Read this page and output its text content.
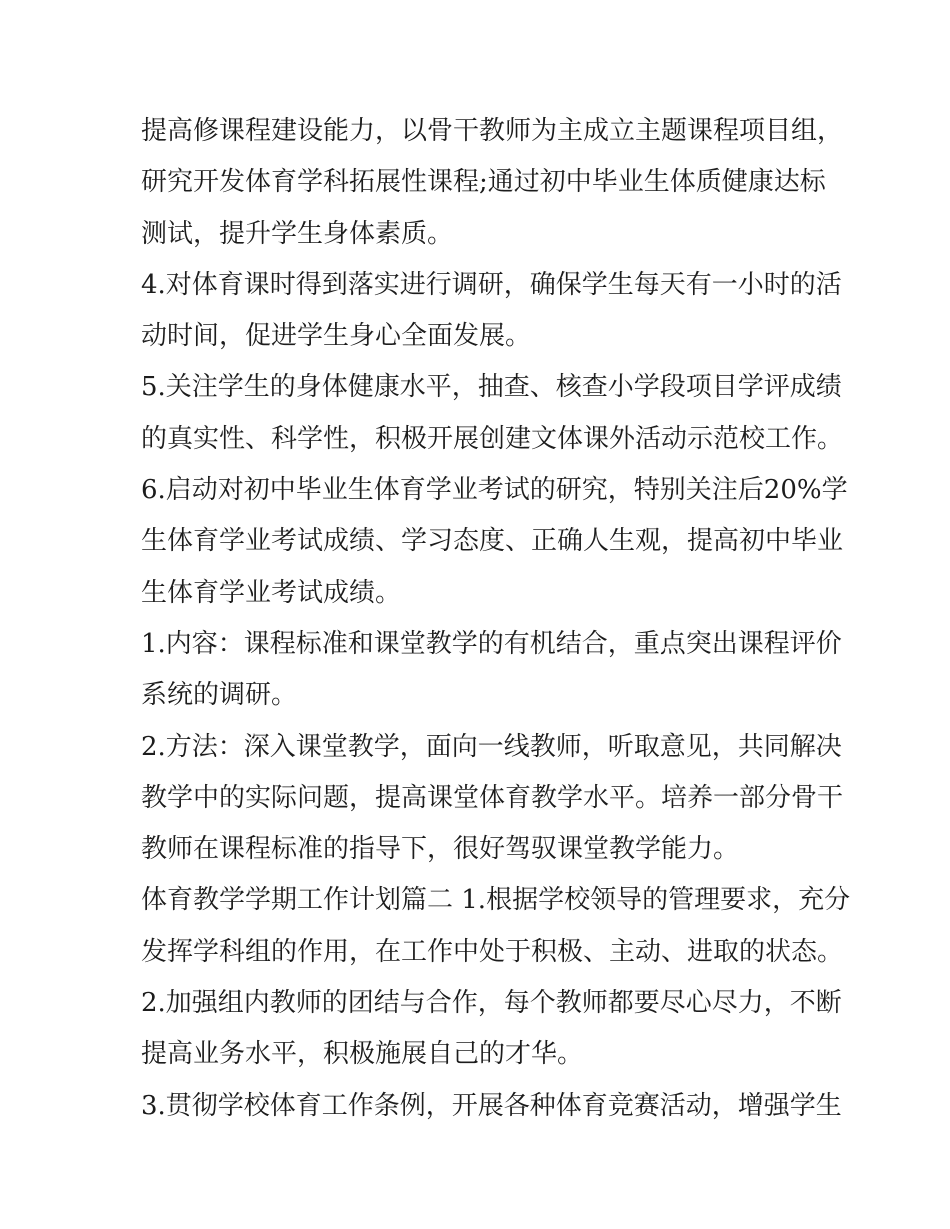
提高修课程建设能力，以骨干教师为主成立主题课程项目组，
研究开发体育学科拓展性课程;通过初中毕业生体质健康达标
测试，提升学生身体素质。
4.对体育课时得到落实进行调研，确保学生每天有一小时的活
动时间，促进学生身心全面发展。
5.关注学生的身体健康水平，抽查、核查小学段项目学评成绩
的真实性、科学性，积极开展创建文体课外活动示范校工作。
6.启动对初中毕业生体育学业考试的研究，特别关注后20%学
生体育学业考试成绩、学习态度、正确人生观，提高初中毕业
生体育学业考试成绩。
1.内容：课程标准和课堂教学的有机结合，重点突出课程评价
系统的调研。
2.方法：深入课堂教学，面向一线教师，听取意见，共同解决
教学中的实际问题，提高课堂体育教学水平。培养一部分骨干
教师在课程标准的指导下，很好驾驭课堂教学能力。
体育教学学期工作计划篇二 1.根据学校领导的管理要求，充分
发挥学科组的作用，在工作中处于积极、主动、进取的状态。
2.加强组内教师的团结与合作，每个教师都要尽心尽力，不断
提高业务水平，积极施展自己的才华。
3.贯彻学校体育工作条例，开展各种体育竞赛活动，增强学生
